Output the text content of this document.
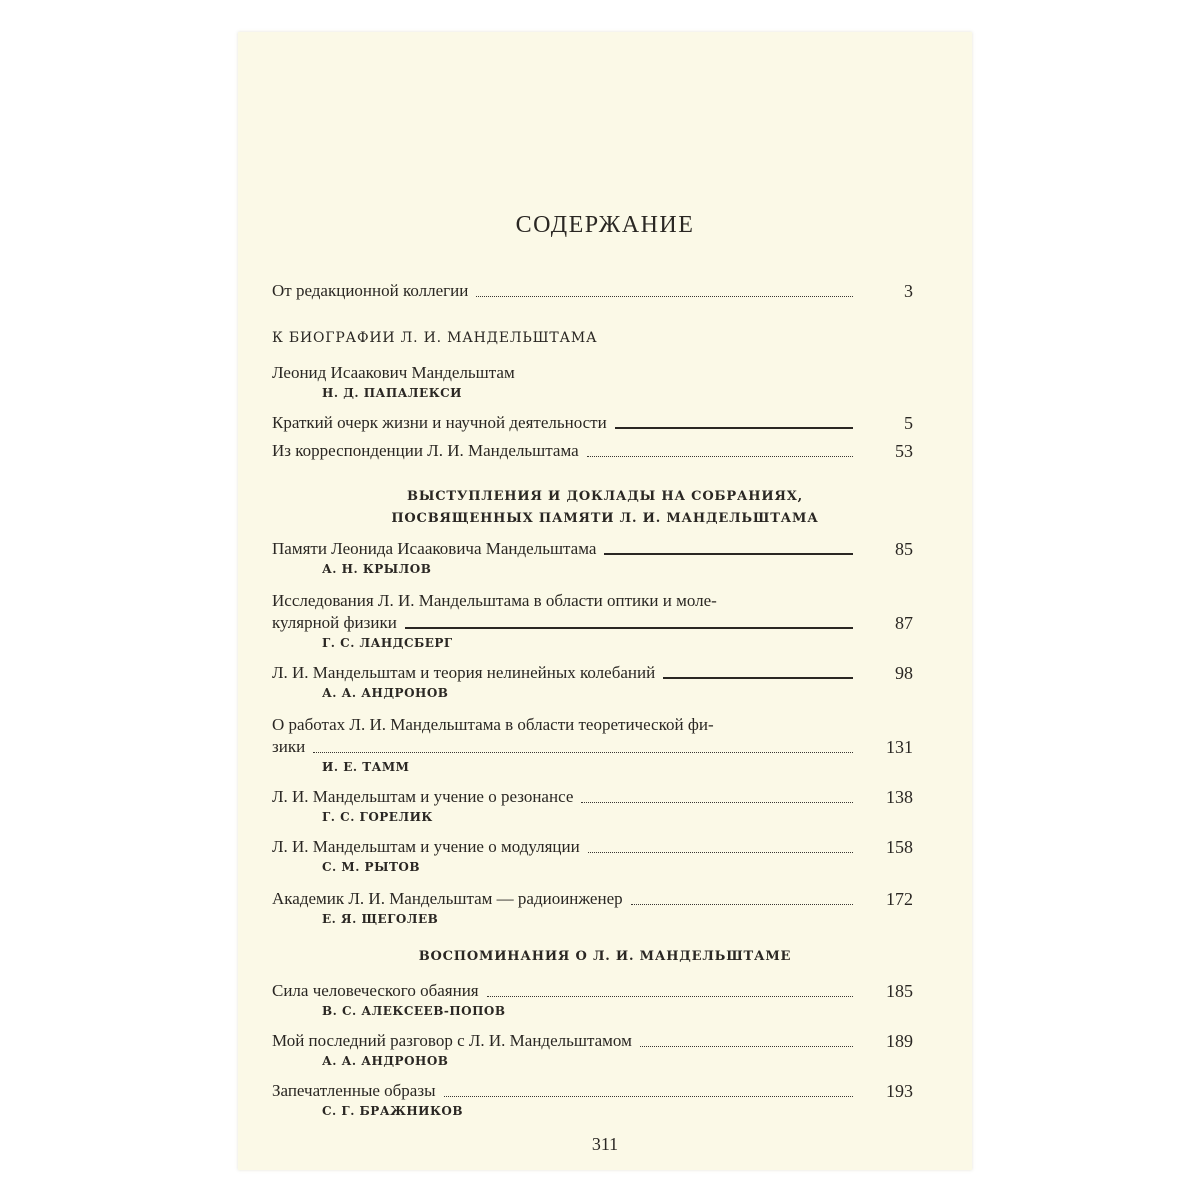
СОДЕРЖАНИЕ
От редакционной коллегии	3
К БИОГРАФИИ Л. И. МАНДЕЛЬШТАМА
Леонид Исаакович Мандельштам
Н. Д. ПАПАЛЕКСИ
Краткий очерк жизни и научной деятельности	5
Из корреспонденции Л. И. Мандельштама	53
ВЫСТУПЛЕНИЯ И ДОКЛАДЫ НА СОБРАНИЯХ,
ПОСВЯЩЕННЫХ ПАМЯТИ Л. И. МАНДЕЛЬШТАМА
Памяти Леонида Исааковича Мандельштама	85
А. Н. КРЫЛОВ
Исследования Л. И. Мандельштама в области оптики и моле-
кулярной физики	87
Г. С. ЛАНДСБЕРГ
Л. И. Мандельштам и теория нелинейных колебаний	98
А. А. АНДРОНОВ
О работах Л. И. Мандельштама в области теоретической фи-
зики	131
И. Е. ТАММ
Л. И. Мандельштам и учение о резонансе	138
Г. С. ГОРЕЛИК
Л. И. Мандельштам и учение о модуляции	158
С. М. РЫТОВ
Академик Л. И. Мандельштам — радиоинженер	172
Е. Я. ЩЕГОЛЕВ
ВОСПОМИНАНИЯ О Л. И. МАНДЕЛЬШТАМЕ
Сила человеческого обаяния	185
В. С. АЛЕКСЕЕВ-ПОПОВ
Мой последний разговор с Л. И. Мандельштамом	189
А. А. АНДРОНОВ
Запечатленные образы	193
С. Г. БРАЖНИКОВ
311
